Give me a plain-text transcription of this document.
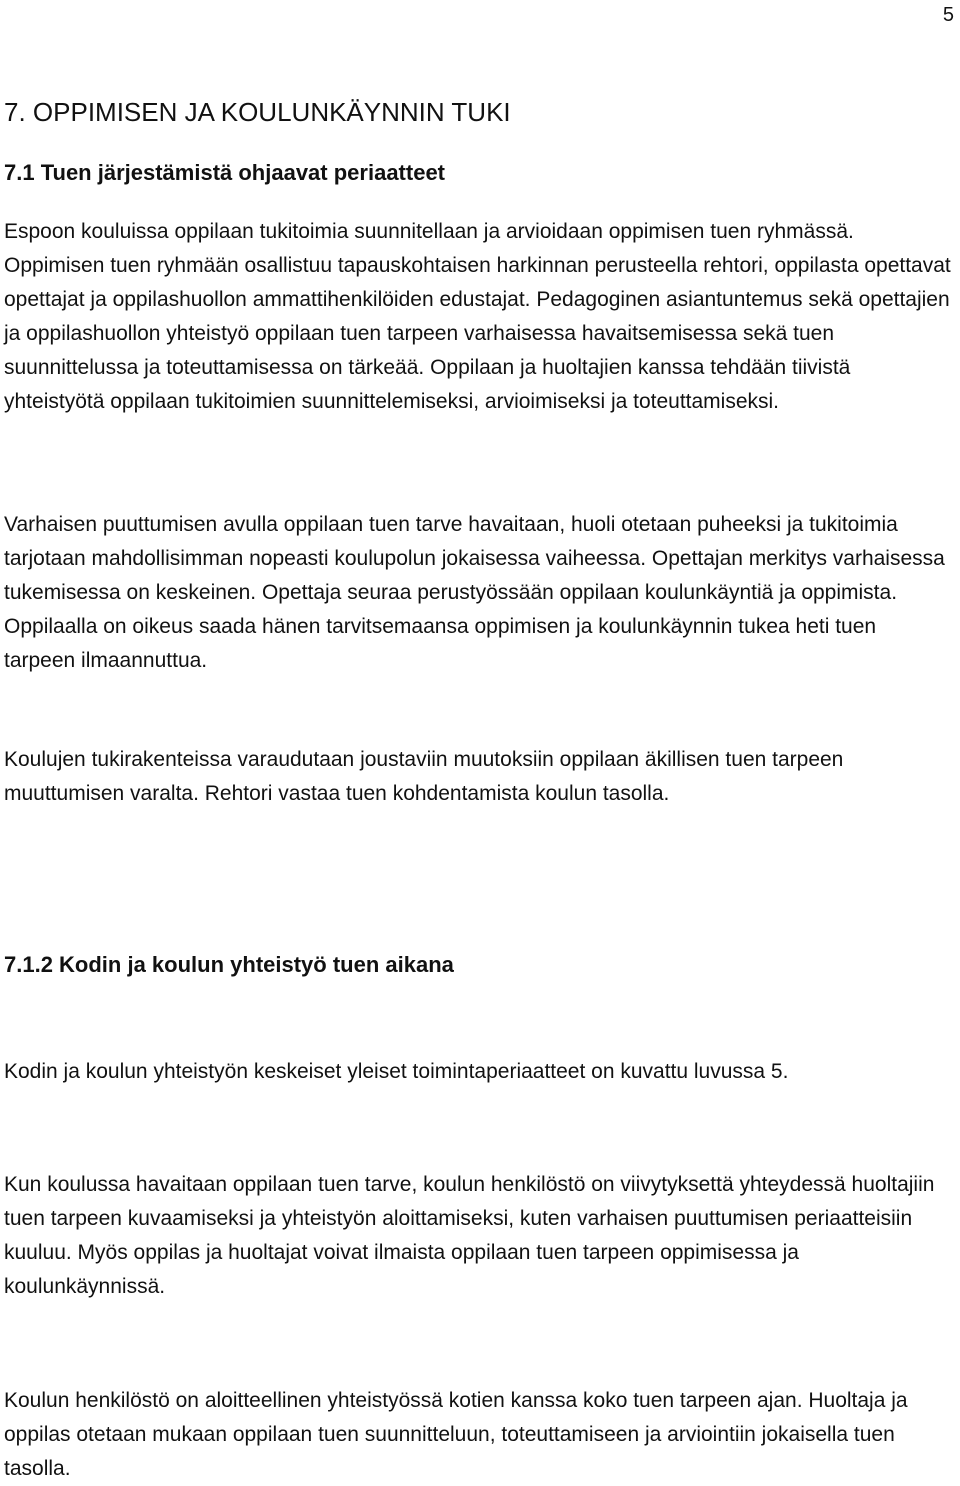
5
7. OPPIMISEN JA KOULUNKÄYNNIN TUKI
7.1 Tuen järjestämistä ohjaavat periaatteet

Espoon kouluissa oppilaan tukitoimia suunnitellaan ja arvioidaan oppimisen tuen ryhmässä. Oppimisen tuen ryhmään osallistuu tapauskohtaisen harkinnan perusteella rehtori, oppilasta opettavat opettajat ja oppilashuollon ammattihenkilöiden edustajat. Pedagoginen asiantuntemus sekä opettajien ja oppilashuollon yhteistyö oppilaan tuen tarpeen varhaisessa havaitsemisessa sekä tuen suunnittelussa ja toteuttamisessa on tärkeää. Oppilaan ja huoltajien kanssa tehdään tiivistä yhteistyötä oppilaan tukitoimien suunnittelemiseksi, arvioimiseksi ja toteuttamiseksi.

Varhaisen puuttumisen avulla oppilaan tuen tarve havaitaan, huoli otetaan puheeksi ja tukitoimia tarjotaan mahdollisimman nopeasti koulupolun jokaisessa vaiheessa. Opettajan merkitys varhaisessa tukemisessa on keskeinen. Opettaja seuraa perustyössään oppilaan koulunkäyntiä ja oppimista. Oppilaalla on oikeus saada hänen tarvitsemaansa oppimisen ja koulunkäynnin tukea heti tuen tarpeen ilmaannuttua.

Koulujen tukirakenteissa varaudutaan joustaviin muutoksiin oppilaan äkillisen tuen tarpeen muuttumisen varalta. Rehtori vastaa tuen kohdentamista koulun tasolla.

7.1.2 Kodin ja koulun yhteistyö tuen aikana

Kodin ja koulun yhteistyön keskeiset yleiset toimintaperiaatteet on kuvattu luvussa 5.

Kun koulussa havaitaan oppilaan tuen tarve, koulun henkilöstö on viivytyksettä yhteydessä huoltajiin tuen tarpeen kuvaamiseksi ja yhteistyön aloittamiseksi, kuten varhaisen puuttumisen periaatteisiin kuuluu. Myös oppilas ja huoltajat voivat ilmaista oppilaan tuen tarpeen oppimisessa ja koulunkäynnissä.

Koulun henkilöstö on aloitteellinen yhteistyössä kotien kanssa koko tuen tarpeen ajan. Huoltaja ja oppilas otetaan mukaan oppilaan tuen suunnitteluun, toteuttamiseen ja arviointiin jokaisella tuen tasolla.
